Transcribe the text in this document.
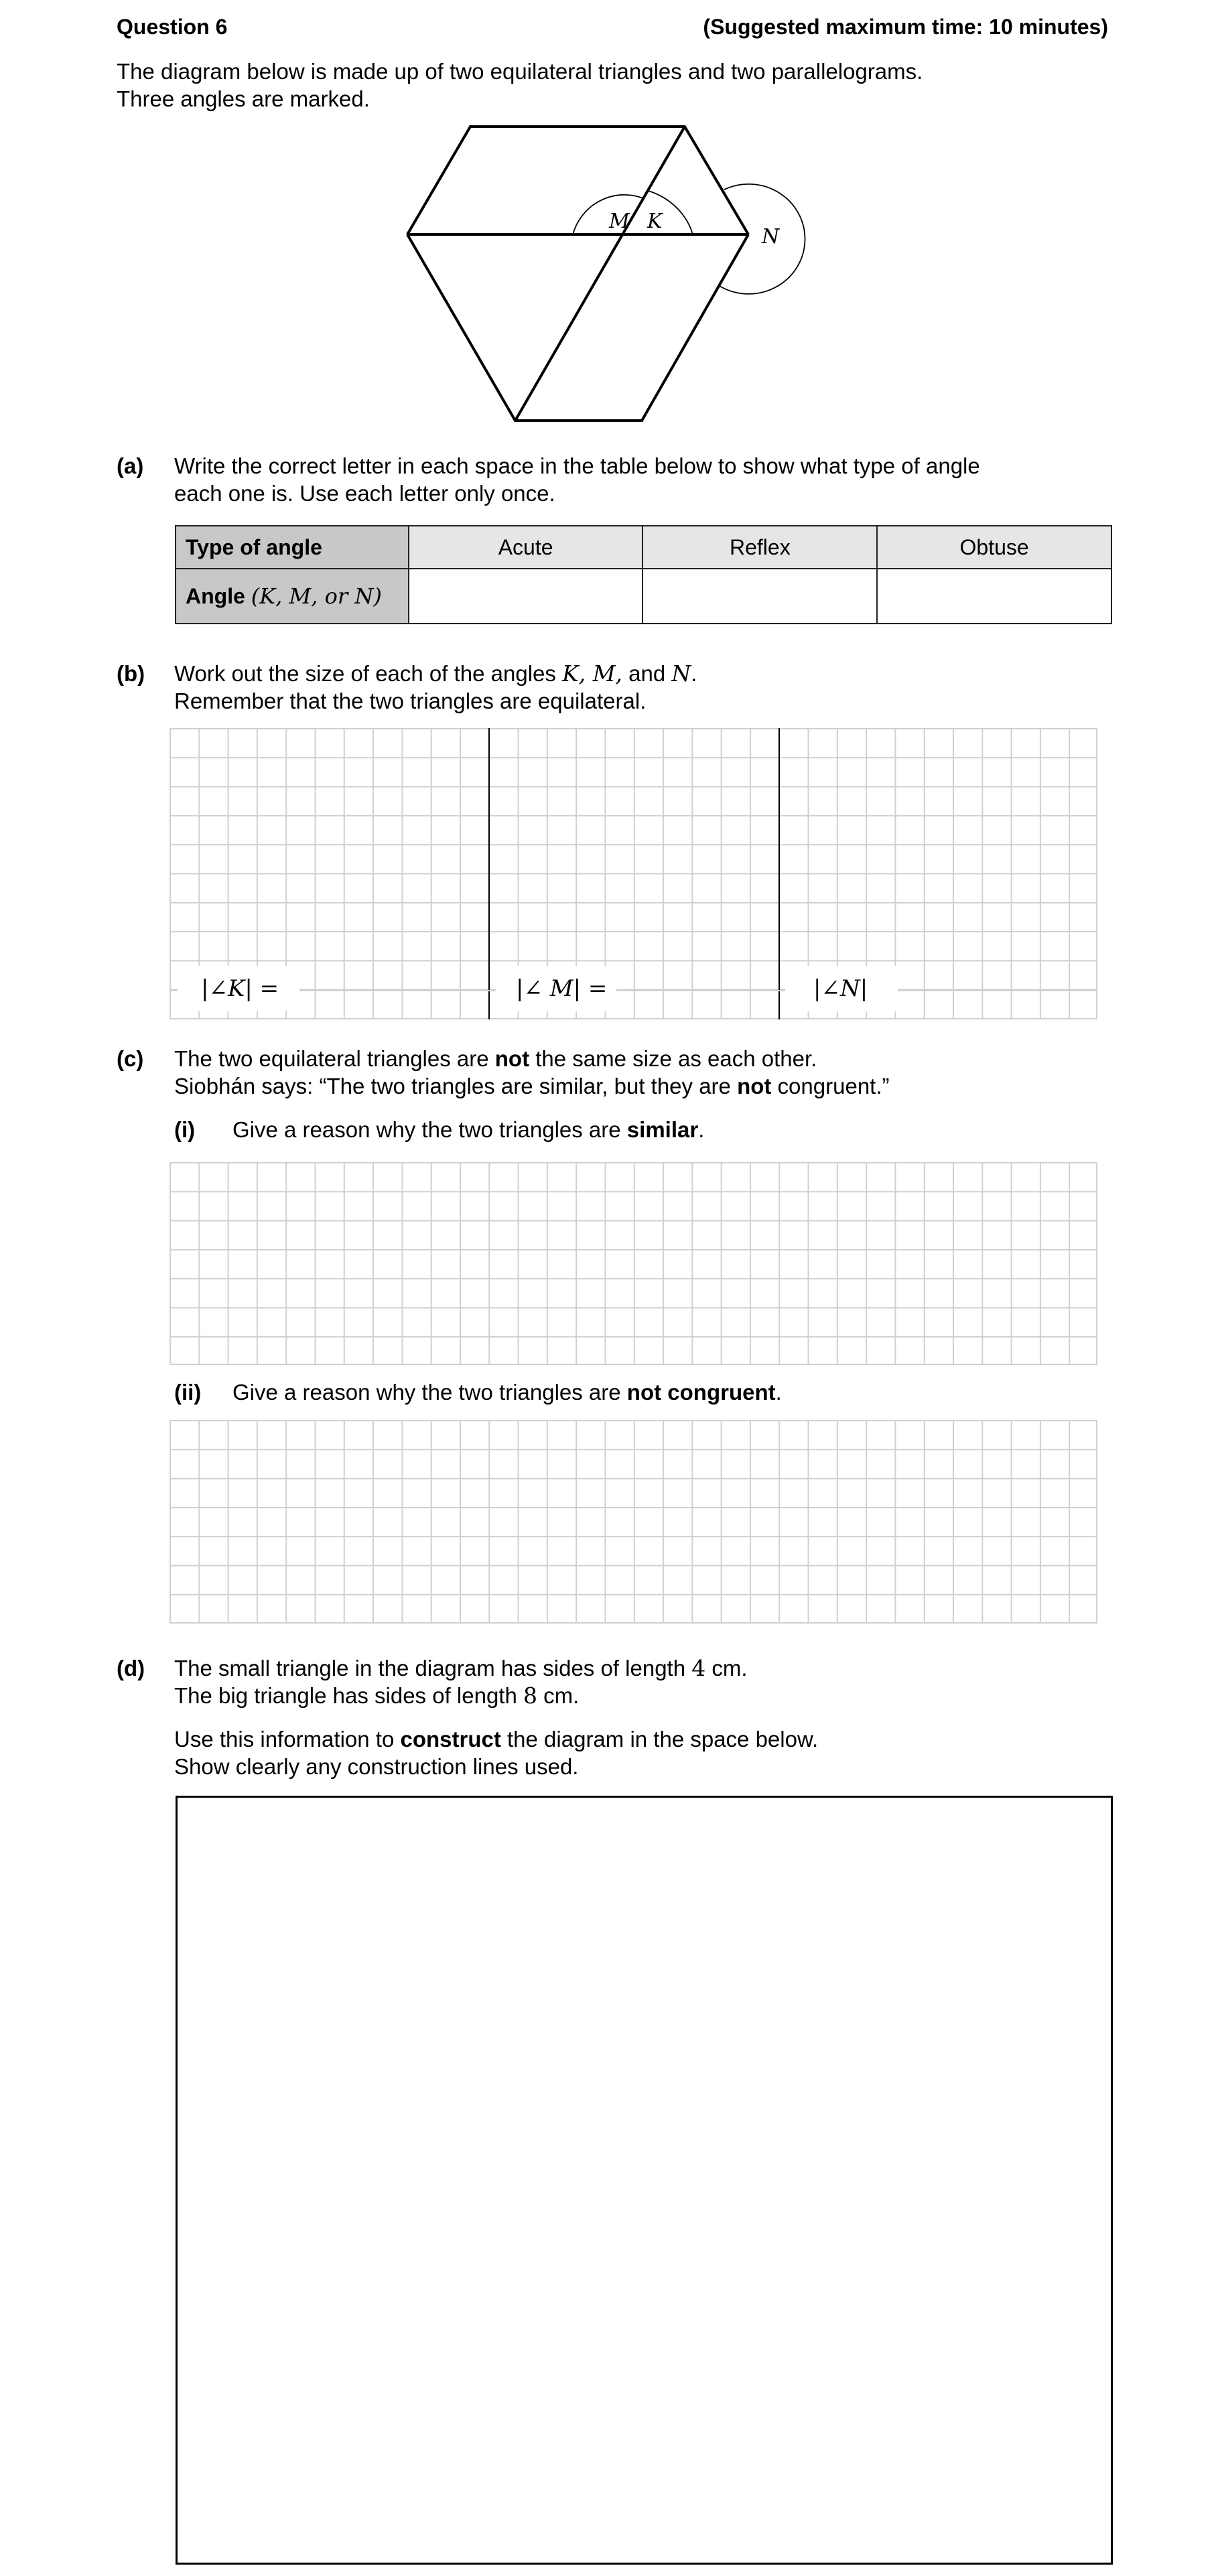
Question 6	(Suggested maximum time: 10 minutes)
The diagram below is made up of two equilateral triangles and two parallelograms.
Three angles are marked.
M K
N
(a) Write the correct letter in each space in the table below to show what type of angle
each one is. Use each letter only once.
Type of angle	Acute	Reflex	Obtuse
Angle (K, M, or N)			
(b) Work out the size of each of the angles K, M, and N.
Remember that the two triangles are equilateral.
|∠K| =	|∠ M| =	|∠N|
(c) The two equilateral triangles are not the same size as each other.
Siobhán says: “The two triangles are similar, but they are not congruent.”
(i) Give a reason why the two triangles are similar.
(ii) Give a reason why the two triangles are not congruent.
(d) The small triangle in the diagram has sides of length 4 cm.
The big triangle has sides of length 8 cm.
Use this information to construct the diagram in the space below.
Show clearly any construction lines used.
